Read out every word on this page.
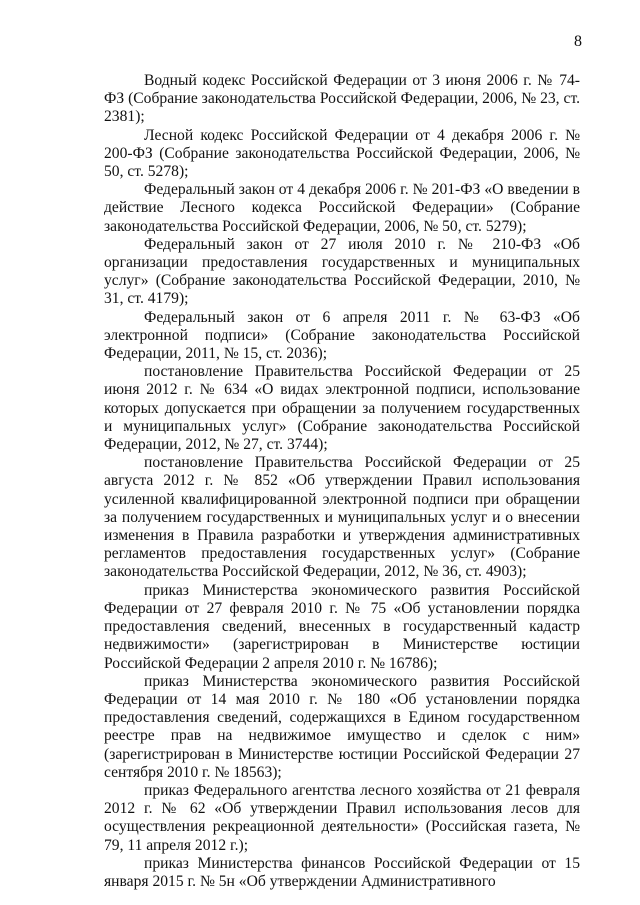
8

Водный кодекс Российской Федерации от 3 июня 2006 г. № 74-ФЗ (Собрание законодательства Российской Федерации, 2006, № 23, ст. 2381);

Лесной кодекс Российской Федерации от 4 декабря 2006 г. № 200-ФЗ (Собрание законодательства Российской Федерации, 2006, № 50, ст. 5278);

Федеральный закон от 4 декабря 2006 г. № 201-ФЗ «О введении в действие Лесного кодекса Российской Федерации» (Собрание законодательства Российской Федерации, 2006, № 50, ст. 5279);

Федеральный закон от 27 июля 2010 г. № 210-ФЗ «Об организации предоставления государственных и муниципальных услуг» (Собрание законодательства Российской Федерации, 2010, № 31, ст. 4179);

Федеральный закон от 6 апреля 2011 г. № 63-ФЗ «Об электронной подписи» (Собрание законодательства Российской Федерации, 2011, № 15, ст. 2036);

постановление Правительства Российской Федерации от 25 июня 2012 г. № 634 «О видах электронной подписи, использование которых допускается при обращении за получением государственных и муниципальных услуг» (Собрание законодательства Российской Федерации, 2012, № 27, ст. 3744);

постановление Правительства Российской Федерации от 25 августа 2012 г. № 852 «Об утверждении Правил использования усиленной квалифицированной электронной подписи при обращении за получением государственных и муниципальных услуг и о внесении изменения в Правила разработки и утверждения административных регламентов предоставления государственных услуг» (Собрание законодательства Российской Федерации, 2012, № 36, ст. 4903);

приказ Министерства экономического развития Российской Федерации от 27 февраля 2010 г. № 75 «Об установлении порядка предоставления сведений, внесенных в государственный кадастр недвижимости» (зарегистрирован в Министерстве юстиции Российской Федерации 2 апреля 2010 г. № 16786);

приказ Министерства экономического развития Российской Федерации от 14 мая 2010 г. № 180 «Об установлении порядка предоставления сведений, содержащихся в Едином государственном реестре прав на недвижимое имущество и сделок с ним» (зарегистрирован в Министерстве юстиции Российской Федерации 27 сентября 2010 г. № 18563);

приказ Федерального агентства лесного хозяйства от 21 февраля 2012 г. № 62 «Об утверждении Правил использования лесов для осуществления рекреационной деятельности» (Российская газета, № 79, 11 апреля 2012 г.);

приказ Министерства финансов Российской Федерации от 15 января 2015 г. № 5н «Об утверждении Административного
